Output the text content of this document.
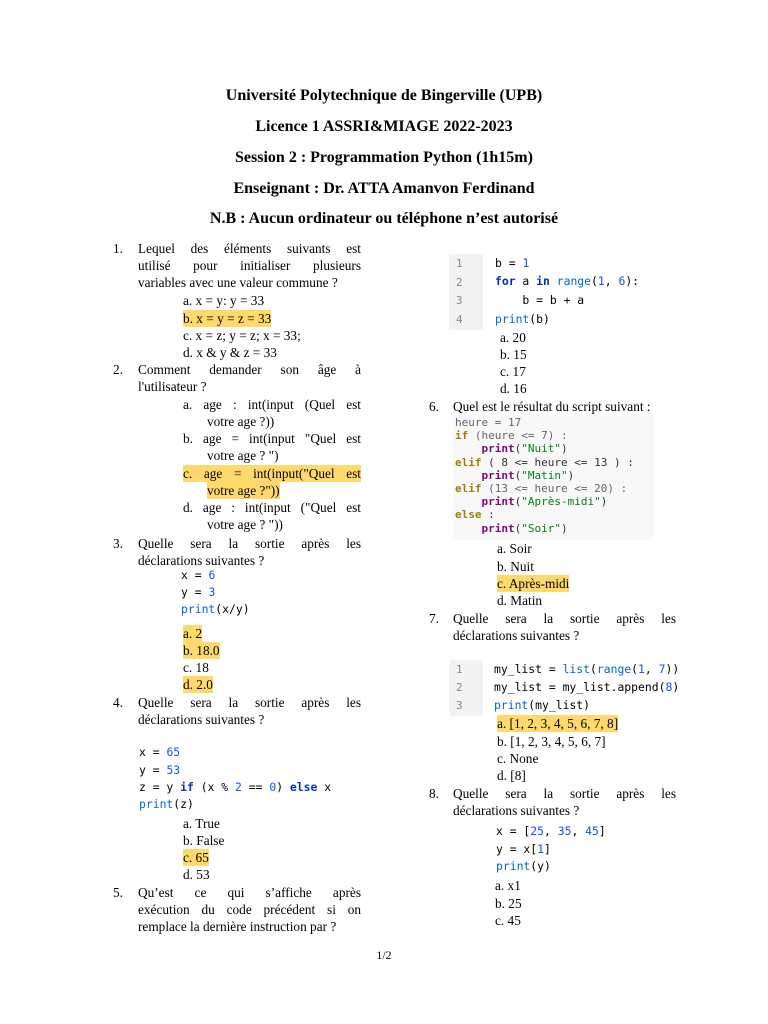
Université Polytechnique de Bingerville (UPB)
Licence 1 ASSRI&MIAGE 2022-2023
Session 2 : Programmation Python (1h15m)
Enseignant : Dr. ATTA Amanvon Ferdinand
N.B : Aucun ordinateur ou téléphone n’est autorisé
1. Lequel des éléments suivants est
utilisé pour initialiser plusieurs
variables avec une valeur commune ?
a. x = y: y = 33
b. x = y = z = 33
c. x = z; y = z; x = 33;
d. x & y & z = 33
2. Comment demander son âge à
l'utilisateur ?
a. age : int(input (Quel est
votre age ?))
b. age = int(input "Quel est
votre age ? ")
c. age = int(input("Quel est
votre age ?"))
d. age : int(input ("Quel est
votre age ? "))
3. Quelle sera la sortie après les
déclarations suivantes ?
x = 6
y = 3
print(x/y)
a. 2
b. 18.0
c. 18
d. 2.0
4. Quelle sera la sortie après les
déclarations suivantes ?
x = 65
y = 53
z = y if (x % 2 == 0) else x
print(z)
a. True
b. False
c. 65
d. 53
5. Qu’est ce qui s’affiche après
exécution du code précédent si on
remplace la dernière instruction par ?
1
2
3
4
b = 1
for a in range(1, 6):
b = b + a
print(b)
a. 20
b. 15
c. 17
d. 16
6. Quel est le résultat du script suivant :
heure = 17
if (heure <= 7) :
print("Nuit")
elif ( 8 <= heure <= 13 ) :
print("Matin")
elif (13 <= heure <= 20) :
print("Après-midi")
else :
print("Soir")
a. Soir
b. Nuit
c. Après-midi
d. Matin
7. Quelle sera la sortie après les
déclarations suivantes ?
1
2
3
my_list = list(range(1, 7))
my_list = my_list.append(8)
print(my_list)
a. [1, 2, 3, 4, 5, 6, 7, 8]
b. [1, 2, 3, 4, 5, 6, 7]
c. None
d. [8]
8. Quelle sera la sortie après les
déclarations suivantes ?
x = [25, 35, 45]
y = x[1]
print(y)
a. x1
b. 25
c. 45
1/2
